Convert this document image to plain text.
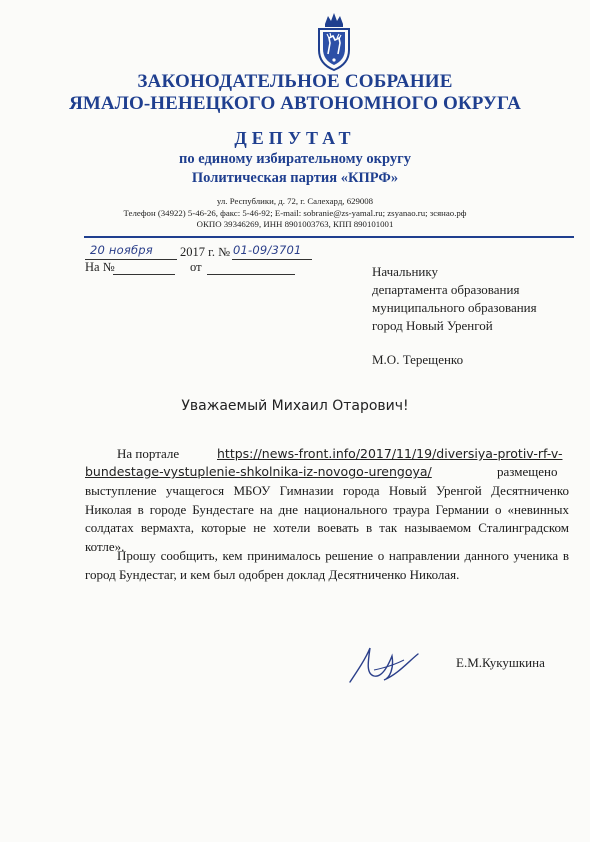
ЗАКОНОДАТЕЛЬНОЕ СОБРАНИЕ
ЯМАЛО-НЕНЕЦКОГО АВТОНОМНОГО ОКРУГА
ДЕПУТАТ
по единому избирательному округу
Политическая партия «КПРФ»
ул. Республики, д. 72, г. Салехард, 629008
Телефон (34922) 5-46-26, факс: 5-46-92; E-mail: sobranie@zs-yamal.ru; zsyanao.ru; зсянао.рф
ОКПО 39346269, ИНН 8901003763, КПП 890101001
20 ноября 2017 г. № 01-09/3701
На №	от	Начальнику
департамента образования
муниципального образования
город Новый Уренгой
М.О. Терещенко
Уважаемый Михаил Отарович!
На портале	https://news-front.info/2017/11/19/diversiya-protiv-rf-v-
bundestage-vystuplenie-shkolnika-iz-novogo-urengoya/	размещено
выступление учащегося МБОУ Гимназии города Новый Уренгой Десятниченко Николая в городе Бундестаге на дне национального траура Германии о «невинных солдатах вермахта, которые не хотели воевать в так называемом Сталинградском котле».
Прошу сообщить, кем принималось решение о направлении данного ученика в город Бундестаг, и кем был одобрен доклад Десятниченко Николая.
Е.М.Кукушкина
